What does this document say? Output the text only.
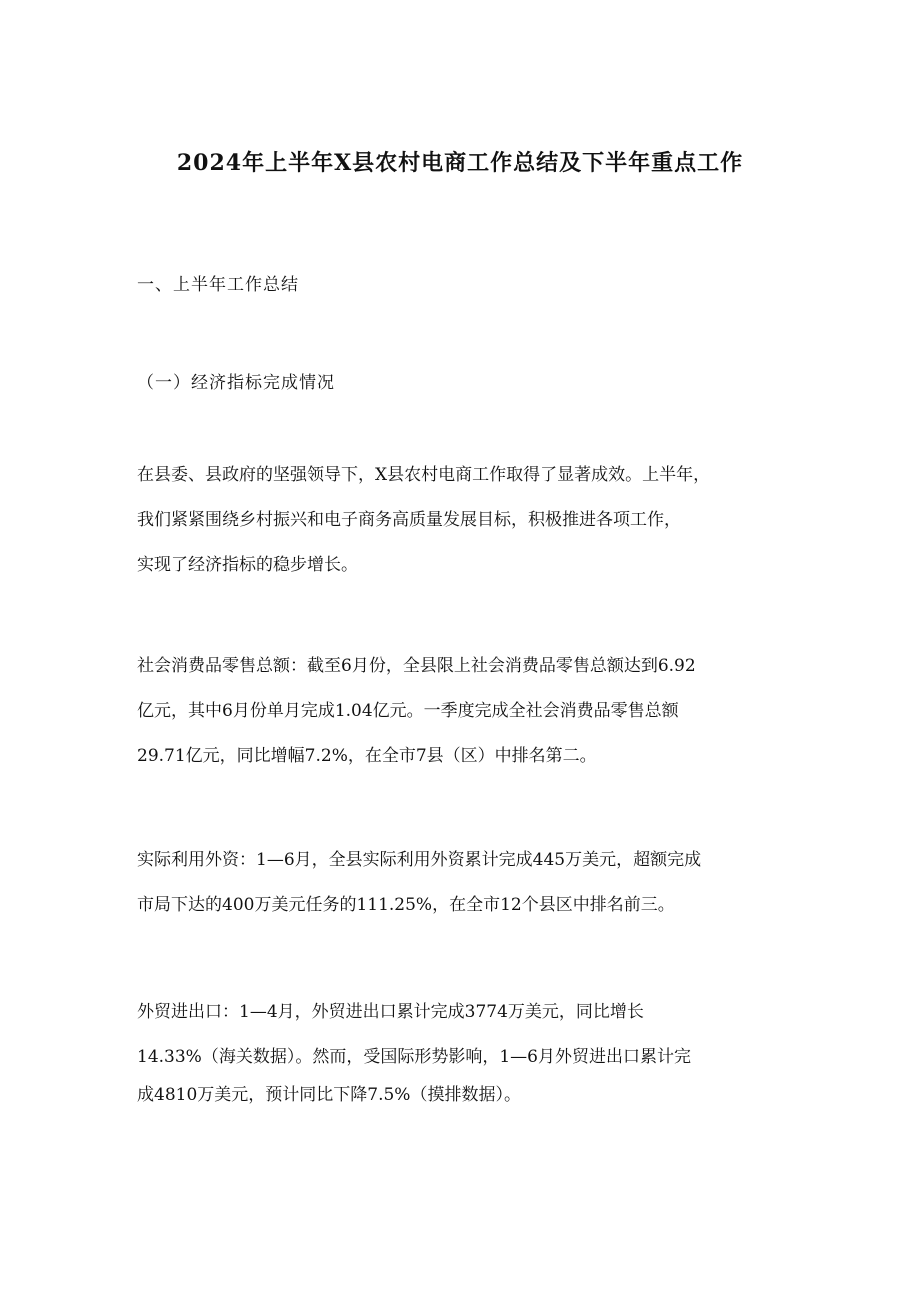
2024年上半年X县农村电商工作总结及下半年重点工作
一、上半年工作总结
（一）经济指标完成情况
在县委、县政府的坚强领导下，X县农村电商工作取得了显著成效。上半年，
我们紧紧围绕乡村振兴和电子商务高质量发展目标，积极推进各项工作，
实现了经济指标的稳步增长。
社会消费品零售总额：截至6月份，全县限上社会消费品零售总额达到6.92
亿元，其中6月份单月完成1.04亿元。一季度完成全社会消费品零售总额
29.71亿元，同比增幅7.2%，在全市7县（区）中排名第二。
实际利用外资：1—6月，全县实际利用外资累计完成445万美元，超额完成
市局下达的400万美元任务的111.25%，在全市12个县区中排名前三。
外贸进出口：1—4月，外贸进出口累计完成3774万美元，同比增长
14.33%（海关数据）。然而，受国际形势影响，1—6月外贸进出口累计完
成4810万美元，预计同比下降7.5%（摸排数据）。
